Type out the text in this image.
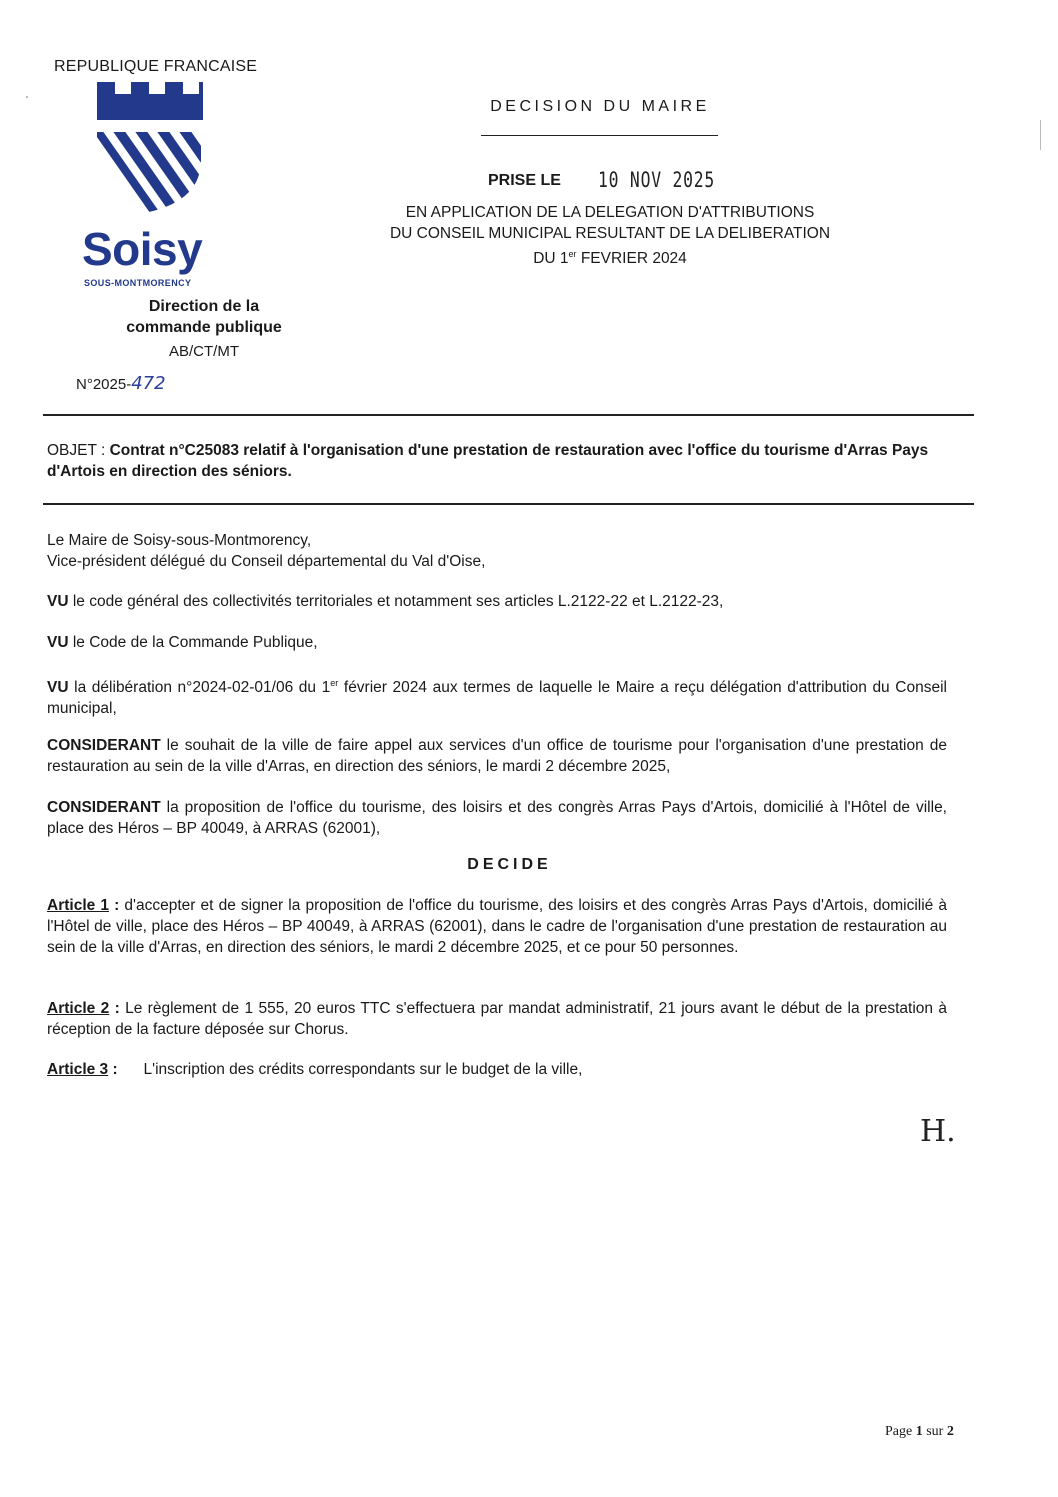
REPUBLIQUE FRANCAISE
Soisy
SOUS-MONTMORENCY
Direction de la
commande publique
AB/CT/MT
N°2025-472
DECISION DU MAIRE
PRISE LE 10 NOV 2025
EN APPLICATION DE LA DELEGATION D'ATTRIBUTIONS
DU CONSEIL MUNICIPAL RESULTANT DE LA DELIBERATION
DU 1er FEVRIER 2024
OBJET : Contrat n°C25083 relatif à l'organisation d'une prestation de restauration avec l'office du tourisme d'Arras Pays d'Artois en direction des séniors.
Le Maire de Soisy-sous-Montmorency,
Vice-président délégué du Conseil départemental du Val d'Oise,
VU le code général des collectivités territoriales et notamment ses articles L.2122-22 et L.2122-23,
VU le Code de la Commande Publique,
VU la délibération n°2024-02-01/06 du 1er février 2024 aux termes de laquelle le Maire a reçu délégation d'attribution du Conseil municipal,
CONSIDERANT le souhait de la ville de faire appel aux services d'un office de tourisme pour l'organisation d'une prestation de restauration au sein de la ville d'Arras, en direction des séniors, le mardi 2 décembre 2025,
CONSIDERANT la proposition de l'office du tourisme, des loisirs et des congrès Arras Pays d'Artois, domicilié à l'Hôtel de ville, place des Héros – BP 40049, à ARRAS (62001),
DECIDE
Article 1 : d'accepter et de signer la proposition de l'office du tourisme, des loisirs et des congrès Arras Pays d'Artois, domicilié à l'Hôtel de ville, place des Héros – BP 40049, à ARRAS (62001), dans le cadre de l'organisation d'une prestation de restauration au sein de la ville d'Arras, en direction des séniors, le mardi 2 décembre 2025, et ce pour 50 personnes.
Article 2 : Le règlement de 1 555, 20 euros TTC s'effectuera par mandat administratif, 21 jours avant le début de la prestation à réception de la facture déposée sur Chorus.
Article 3 :      L'inscription des crédits correspondants sur le budget de la ville,
H.
Page 1 sur 2
